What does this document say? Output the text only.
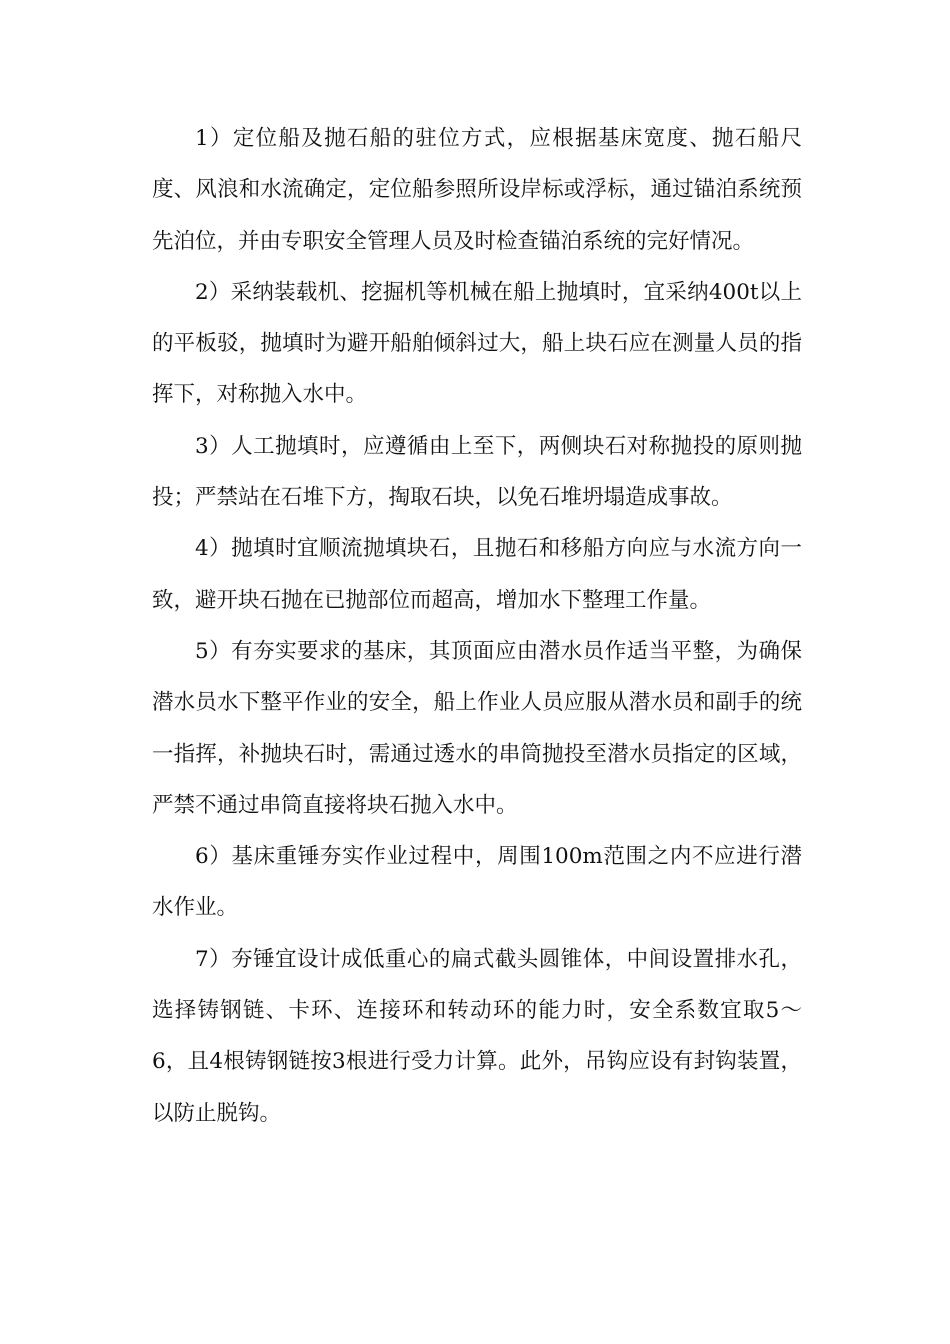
1）定位船及抛石船的驻位方式，应根据基床宽度、抛石船尺度、风浪和水流确定，定位船参照所设岸标或浮标，通过锚泊系统预先泊位，并由专职安全管理人员及时检查锚泊系统的完好情况。

2）采纳装载机、挖掘机等机械在船上抛填时，宜采纳400t以上的平板驳，抛填时为避开船舶倾斜过大，船上块石应在测量人员的指挥下，对称抛入水中。

3）人工抛填时，应遵循由上至下，两侧块石对称抛投的原则抛投；严禁站在石堆下方，掏取石块，以免石堆坍塌造成事故。

4）抛填时宜顺流抛填块石，且抛石和移船方向应与水流方向一致，避开块石抛在已抛部位而超高，增加水下整理工作量。

5）有夯实要求的基床，其顶面应由潜水员作适当平整，为确保潜水员水下整平作业的安全，船上作业人员应服从潜水员和副手的统一指挥，补抛块石时，需通过透水的串筒抛投至潜水员指定的区域，严禁不通过串筒直接将块石抛入水中。

6）基床重锤夯实作业过程中，周围100m范围之内不应进行潜水作业。

7）夯锤宜设计成低重心的扁式截头圆锥体，中间设置排水孔，选择铸钢链、卡环、连接环和转动环的能力时，安全系数宜取5～6，且4根铸钢链按3根进行受力计算。此外，吊钩应设有封钩装置，以防止脱钩。
